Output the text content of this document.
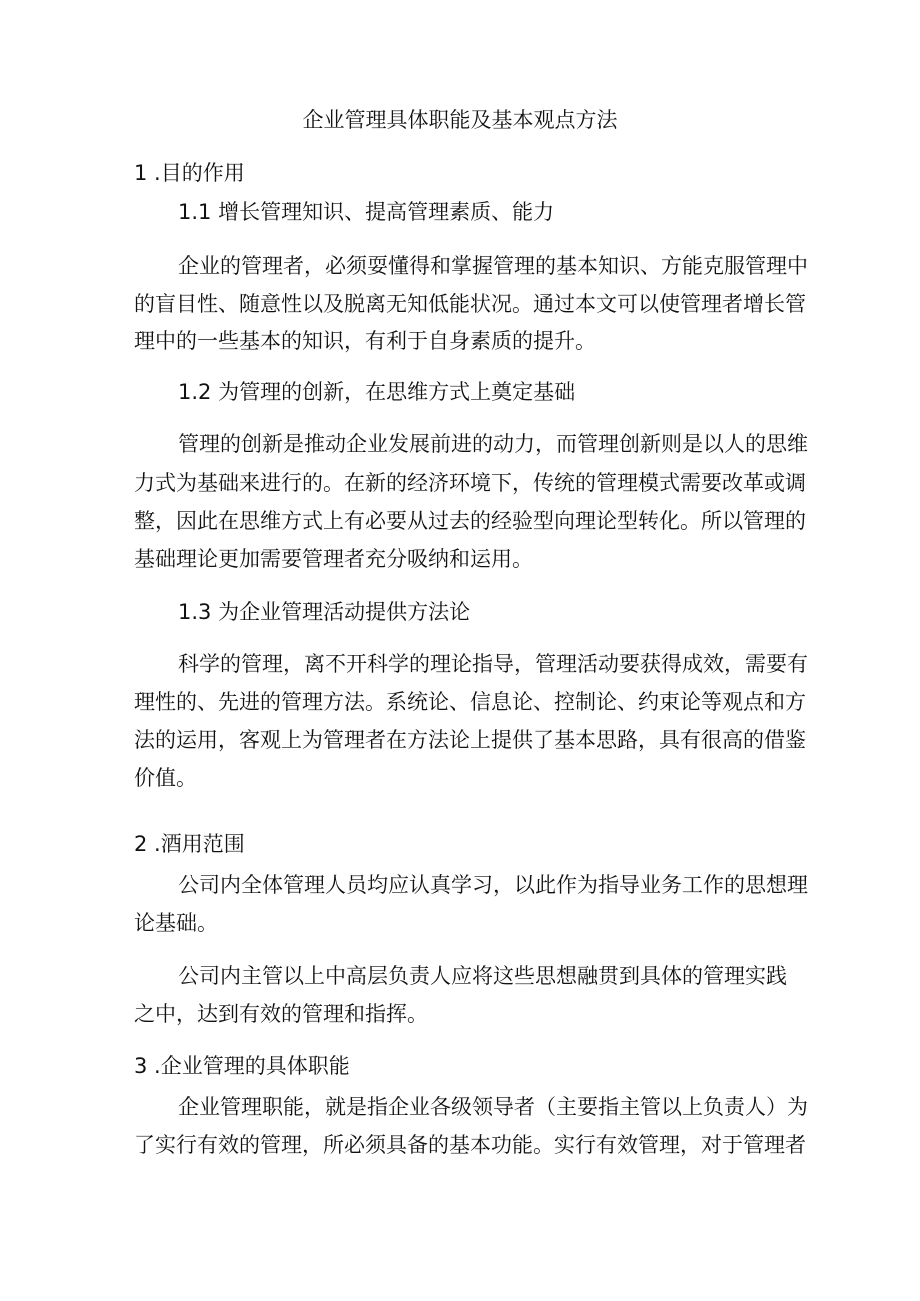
企业管理具体职能及基本观点方法
1 .目的作用
1.1 增长管理知识、提高管理素质、能力
企业的管理者，必须耍懂得和掌握管理的基本知识、方能克服管理中
的盲目性、随意性以及脱离无知低能状况。通过本文可以使管理者增长管
理中的一些基本的知识，有利于自身素质的提升。
1.2 为管理的创新，在思维方式上奠定基础
管理的创新是推动企业发展前进的动力，而管理创新则是以人的思维
力式为基础来进行的。在新的经济环境下，传统的管理模式需要改革或调
整，因此在思维方式上有必要从过去的经验型向理论型转化。所以管理的
基础理论更加需要管理者充分吸纳和运用。
1.3 为企业管理活动提供方法论
科学的管理，离不开科学的理论指导，管理活动要获得成效，需要有
理性的、先进的管理方法。系统论、信息论、控制论、约束论等观点和方
法的运用，客观上为管理者在方法论上提供了基本思路，具有很高的借鉴
价值。
2 .酒用范围
公司内全体管理人员均应认真学习，以此作为指导业务工作的思想理
论基础。
公司内主管以上中高层负责人应将这些思想融贯到具体的管理实践
之中，达到有效的管理和指挥。
3 .企业管理的具体职能
企业管理职能，就是指企业各级领导者（主要指主管以上负责人）为
了实行有效的管理，所必须具备的基本功能。实行有效管理，对于管理者
